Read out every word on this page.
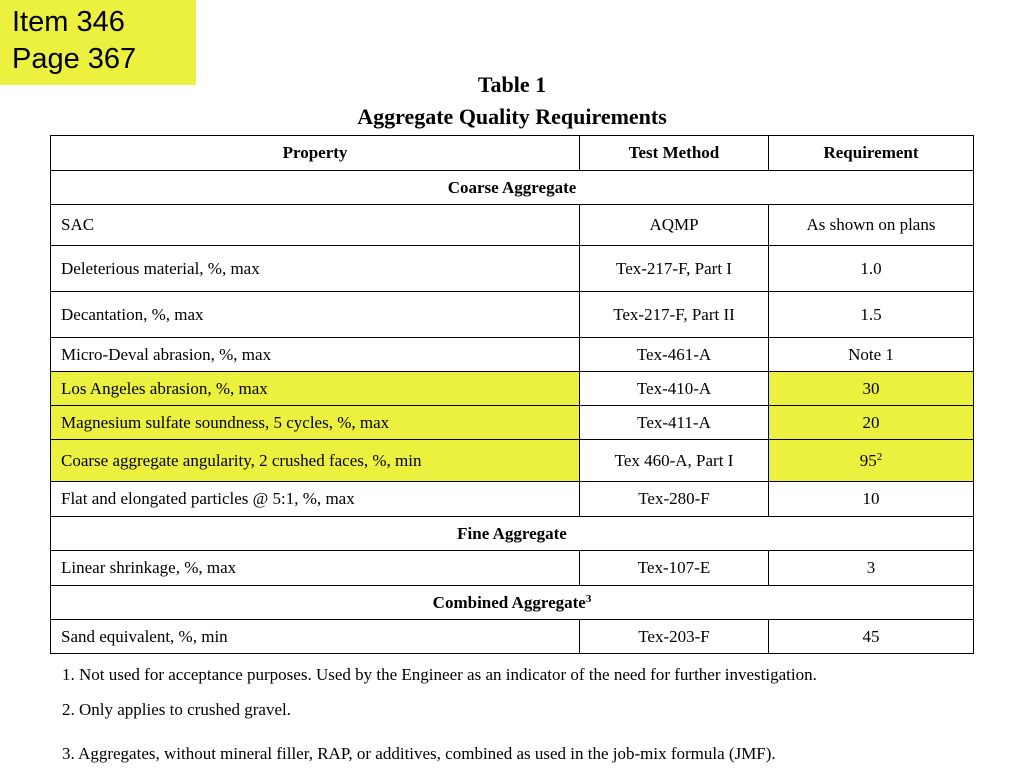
Item 346
Page 367
Table 1
Aggregate Quality Requirements
Property	Test Method	Requirement
Coarse Aggregate		
SAC	AQMP	As shown on plans
Deleterious material, %, max	Tex-217-F, Part I	1.0
Decantation, %, max	Tex-217-F, Part II	1.5
Micro-Deval abrasion, %, max	Tex-461-A	Note 1
Los Angeles abrasion, %, max	Tex-410-A	30
Magnesium sulfate soundness, 5 cycles, %, max	Tex-411-A	20
Coarse aggregate angularity, 2 crushed faces, %, min	Tex 460-A, Part I	$95^2$
Flat and elongated particles @ 5:1, %, max	Tex-280-F	10
Fine Aggregate		
Linear shrinkage, %, max	Tex-107-E	3
Combined Aggregate$^3$
Sand equivalent, %, min	Tex-203-F	45
1. Not used for acceptance purposes. Used by the Engineer as an indicator of the need for further investigation.
2. Only applies to crushed gravel.
3. Aggregates, without mineral filler, RAP, or additives, combined as used in the job-mix formula (JMF).
